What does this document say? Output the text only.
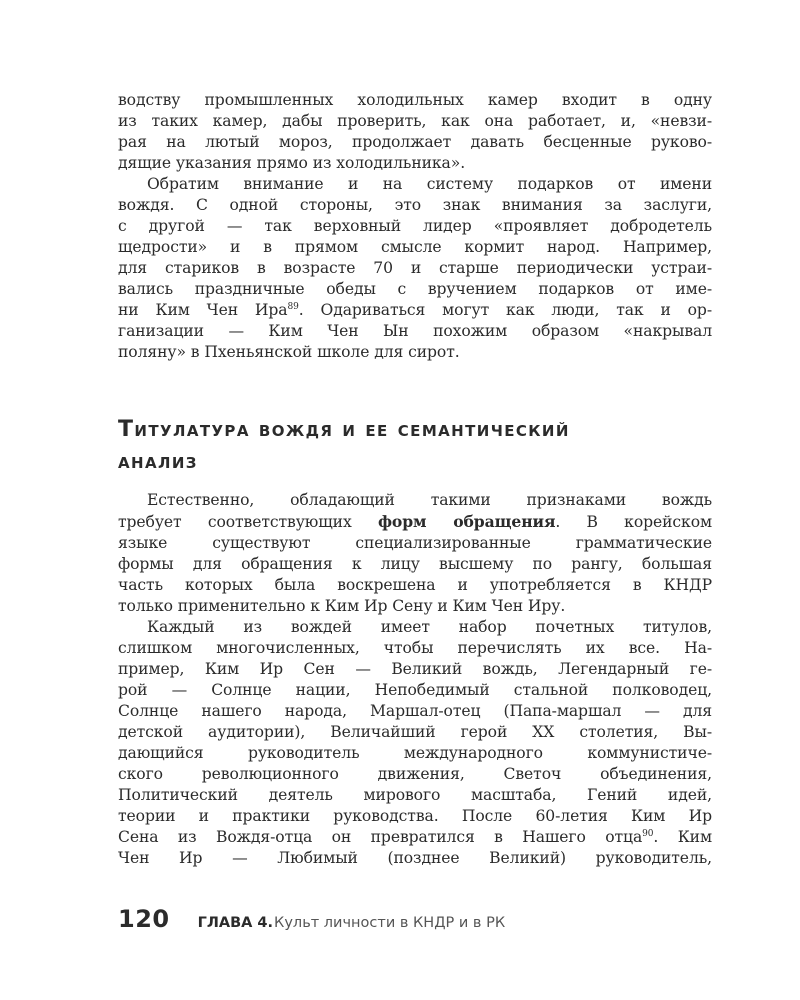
водству промышленных холодильных камер входит в одну

из таких камер, дабы проверить, как она работает, и, «невзи-

рая на лютый мороз, продолжает давать бесценные руково-

дящие указания прямо из холодильника».

Обратим внимание и на систему подарков от имени

вождя. С одной стороны, это знак внимания за заслуги,

с другой — так верховный лидер «проявляет добродетель

щедрости» и в прямом смысле кормит народ. Например,

для стариков в возрасте 70 и старше периодически устраи-

вались праздничные обеды с вручением подарков от име-

ни Ким Чен Ира$^{89}$. Одариваться могут как люди, так и ор-

ганизации — Ким Чен Ын похожим образом «накрывал

поляну» в Пхеньянской школе для сирот.

Титулатура вождя и ее семантический
анализ

Естественно, обладающий такими признаками вождь

требует соответствующих форм обращения. В корейском

языке существуют специализированные грамматические

формы для обращения к лицу высшему по рангу, большая

часть которых была воскрешена и употребляется в КНДР

только применительно к Ким Ир Сену и Ким Чен Иру.

Каждый из вождей имеет набор почетных титулов,

слишком многочисленных, чтобы перечислять их все. На-

пример, Ким Ир Сен — Великий вождь, Легендарный ге-

рой — Солнце нации, Непобедимый стальной полководец,

Солнце нашего народа, Маршал-отец (Папа-маршал — для

детской аудитории), Величайший герой XX столетия, Вы-

дающийся руководитель международного коммунистиче-

ского революционного движения, Светоч объединения,

Политический деятель мирового масштаба, Гений идей,

теории и практики руководства. После 60-летия Ким Ир

Сена из Вождя-отца он превратился в Нашего отца$^{90}$. Ким

Чен Ир — Любимый (позднее Великий) руководитель,

120 ГЛАВА 4. Культ личности в КНДР и в РК
